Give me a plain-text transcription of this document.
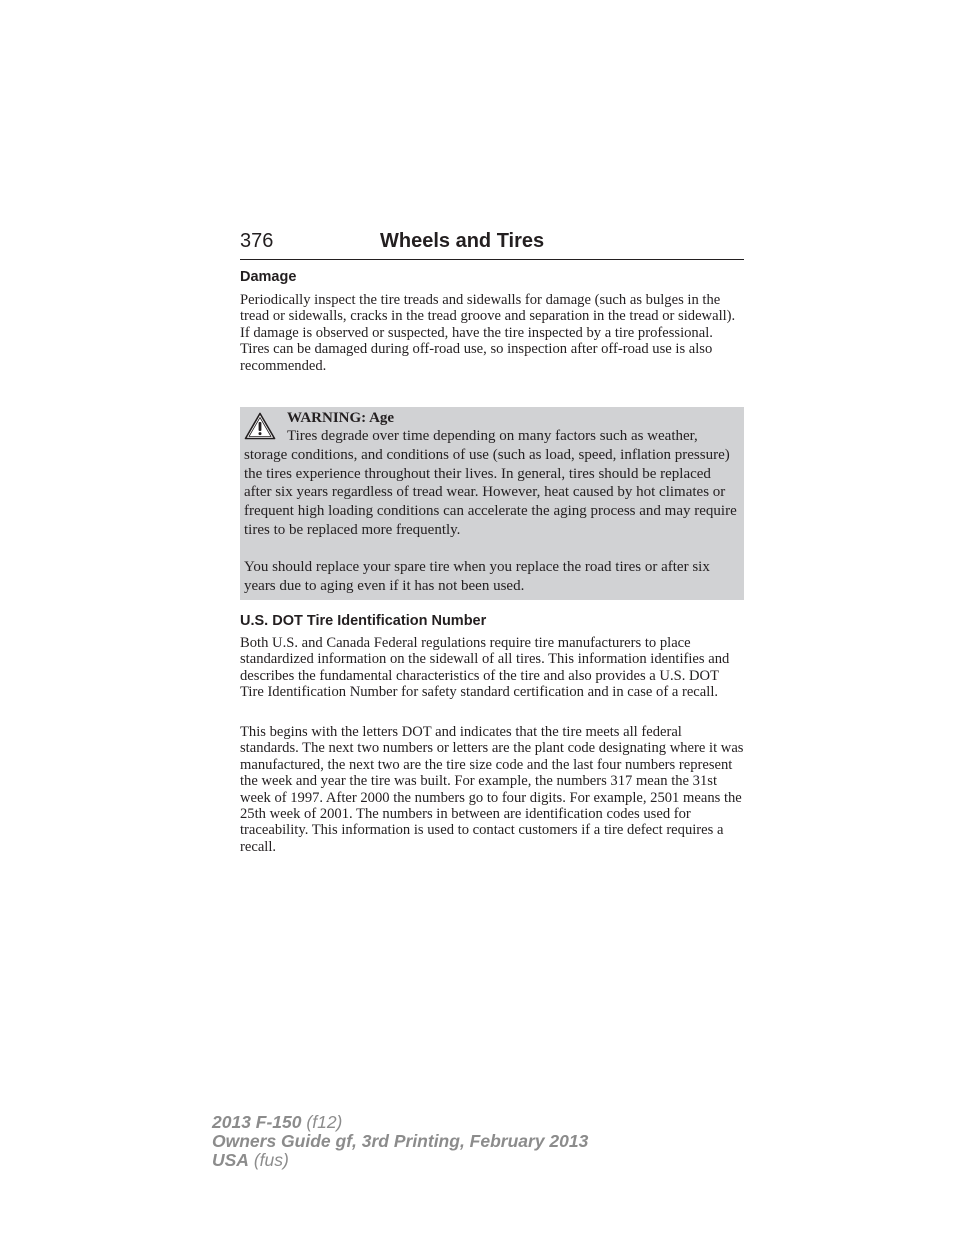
376	Wheels and Tires
Damage
Periodically inspect the tire treads and sidewalls for damage (such as bulges in the tread or sidewalls, cracks in the tread groove and separation in the tread or sidewall). If damage is observed or suspected, have the tire inspected by a tire professional. Tires can be damaged during off-road use, so inspection after off-road use is also recommended.
WARNING: Age
Tires degrade over time depending on many factors such as weather, storage conditions, and conditions of use (such as load, speed, inflation pressure) the tires experience throughout their lives. In general, tires should be replaced after six years regardless of tread wear. However, heat caused by hot climates or frequent high loading conditions can accelerate the aging process and may require tires to be replaced more frequently.
You should replace your spare tire when you replace the road tires or after six years due to aging even if it has not been used.
U.S. DOT Tire Identification Number
Both U.S. and Canada Federal regulations require tire manufacturers to place standardized information on the sidewall of all tires. This information identifies and describes the fundamental characteristics of the tire and also provides a U.S. DOT Tire Identification Number for safety standard certification and in case of a recall.
This begins with the letters DOT and indicates that the tire meets all federal standards. The next two numbers or letters are the plant code designating where it was manufactured, the next two are the tire size code and the last four numbers represent the week and year the tire was built. For example, the numbers 317 mean the 31st week of 1997. After 2000 the numbers go to four digits. For example, 2501 means the 25th week of 2001. The numbers in between are identification codes used for traceability. This information is used to contact customers if a tire defect requires a recall.
2013 F-150 (f12)
Owners Guide gf, 3rd Printing, February 2013
USA (fus)
